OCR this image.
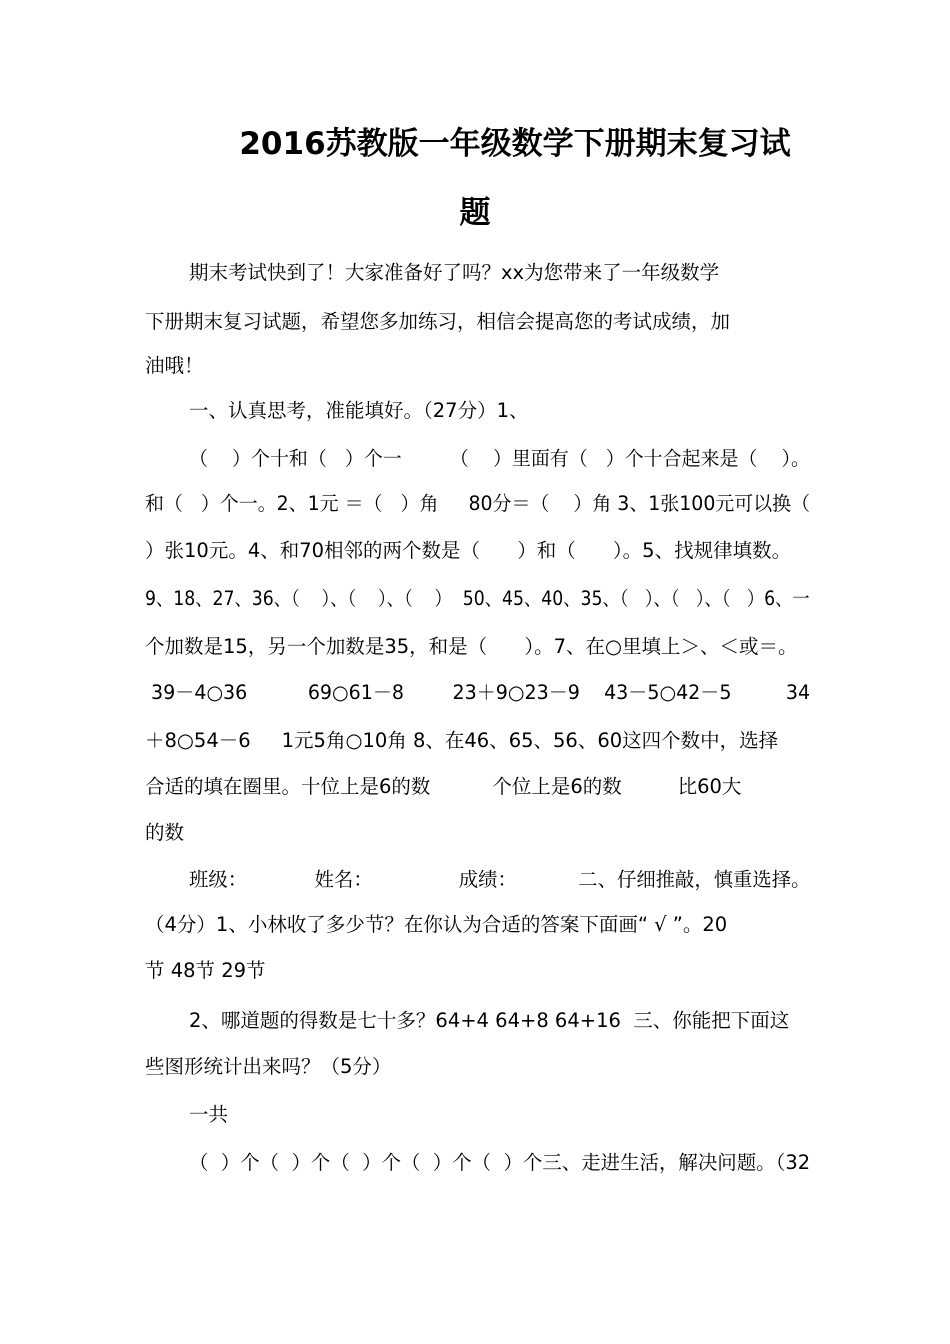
2016苏教版一年级数学下册期末复习试
题
期末考试快到了！大家准备好了吗？xx为您带来了一年级数学
下册期末复习试题，希望您多加练习，相信会提高您的考试成绩，加
油哦！
一、认真思考，准能填好。（27分）1、
（    ）个十和（   ）个一        （    ）里面有（   ）个十合起来是（    ）。
和（   ）个一。2、1元 ＝（   ）角     80分＝（    ）角 3、1张100元可以换（
）张10元。4、和70相邻的两个数是（      ）和（      ）。5、找规律填数。
9、18、27、36、（    ）、（    ）、（    ）  50、45、40、35、（   ）、（   ）、（   ）6、一
个加数是15，另一个加数是35，和是（      ）。7、在○里填上＞、＜或＝。
39－4○36          69○61－8        23＋9○23－9    43－5○42－5         34
＋8○54－6     1元5角○10角 8、在46、65、56、60这四个数中，选择
合适的填在圈里。十位上是6的数          个位上是6的数         比60大
的数
班级：           姓名：              成绩：          二、仔细推敲，慎重选择。
（4分）1、小林收了多少节？在你认为合适的答案下面画“ √ ”。20
节 48节 29节
2、哪道题的得数是七十多？64+4 64+8 64+16  三、你能把下面这
些图形统计出来吗？（5分）
一共
（  ）个（  ）个（  ）个（  ）个（  ）个三、走进生活，解决问题。（32
